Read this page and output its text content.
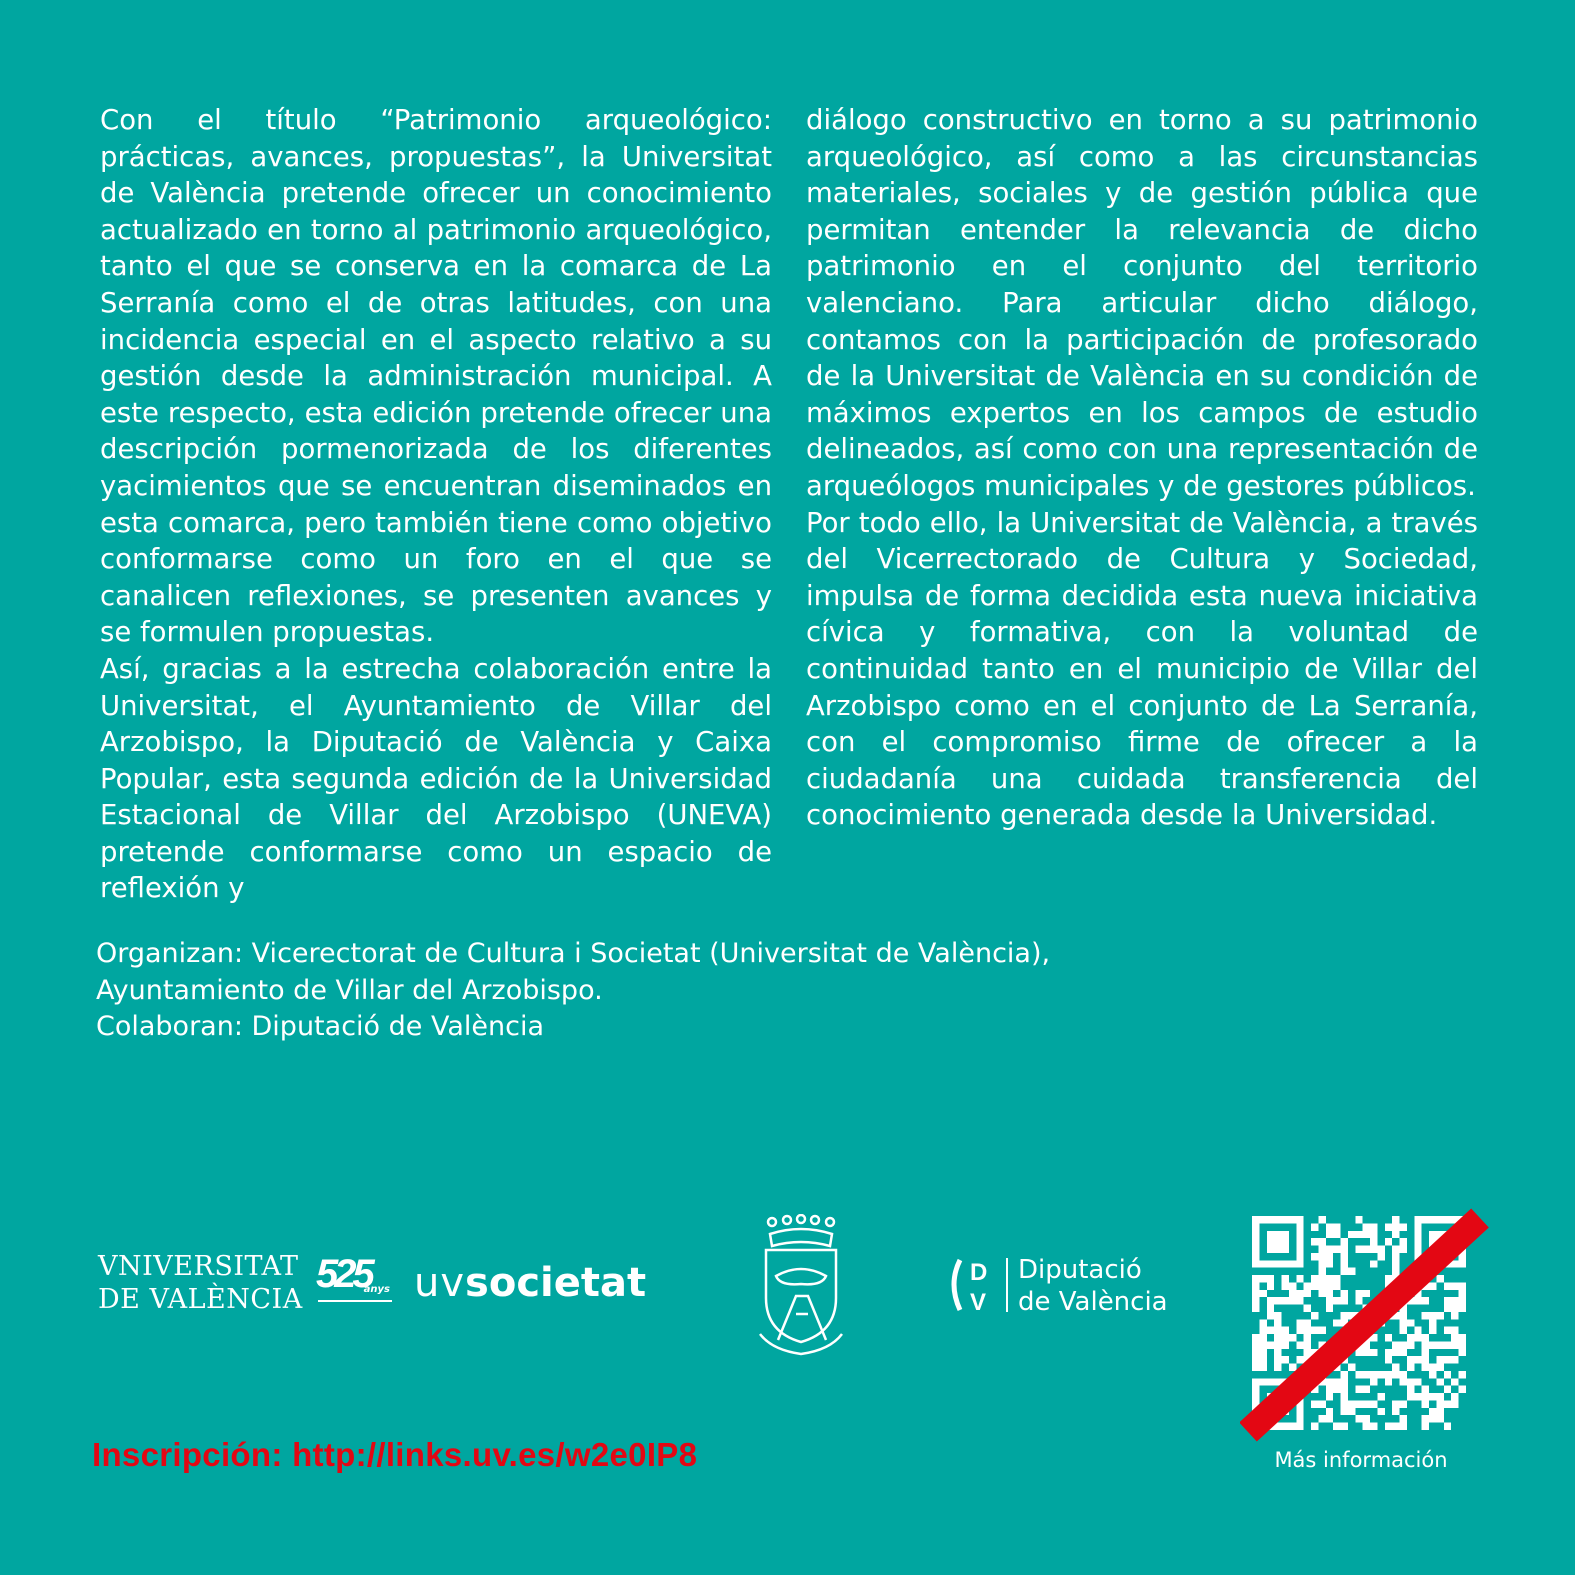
Con el título “Patrimonio arqueológico: prácticas, avances, propuestas”, la Universitat de València pretende ofrecer un conocimiento actualizado en torno al patrimonio arqueológico, tanto el que se conserva en la comarca de La Serranía como el de otras latitudes, con una incidencia especial en el aspecto relativo a su gestión desde la administración municipal. A este respecto, esta edición pretende ofrecer una descripción pormenorizada de los diferentes yacimientos que se encuentran diseminados en esta comarca, pero también tiene como objetivo conformarse como un foro en el que se canalicen reflexiones, se presenten avances y se formulen propuestas.

Así, gracias a la estrecha colaboración entre la Universitat, el Ayuntamiento de Villar del Arzobispo, la Diputació de València y Caixa Popular, esta segunda edición de la Universidad Estacional de Villar del Arzobispo (UNEVA) pretende conformarse como un espacio de reflexión y

diálogo constructivo en torno a su patrimonio arqueológico, así como a las circunstancias materiales, sociales y de gestión pública que permitan entender la relevancia de dicho patrimonio en el conjunto del territorio valenciano. Para articular dicho diálogo, contamos con la participación de profesorado de la Universitat de València en su condición de máximos expertos en los campos de estudio delineados, así como con una representación de arqueólogos municipales y de gestores públicos.

Por todo ello, la Universitat de València, a través del Vicerrectorado de Cultura y Sociedad, impulsa de forma decidida esta nueva iniciativa cívica y formativa, con la voluntad de continuidad tanto en el municipio de Villar del Arzobispo como en el conjunto de La Serranía, con el compromiso firme de ofrecer a la ciudadanía una cuidada transferencia del conocimiento generada desde la Universidad.

Organizan: Vicerectorat de Cultura i Societat (Universitat de València),
Ayuntamiento de Villar del Arzobispo.
Colaboran: Diputació de València
VNIVERSITAT
DE VALÈNCIA
525
anys uvsocietat	D
V
Diputació
de València
Más información
Inscripción: http://links.uv.es/w2e0IP8
